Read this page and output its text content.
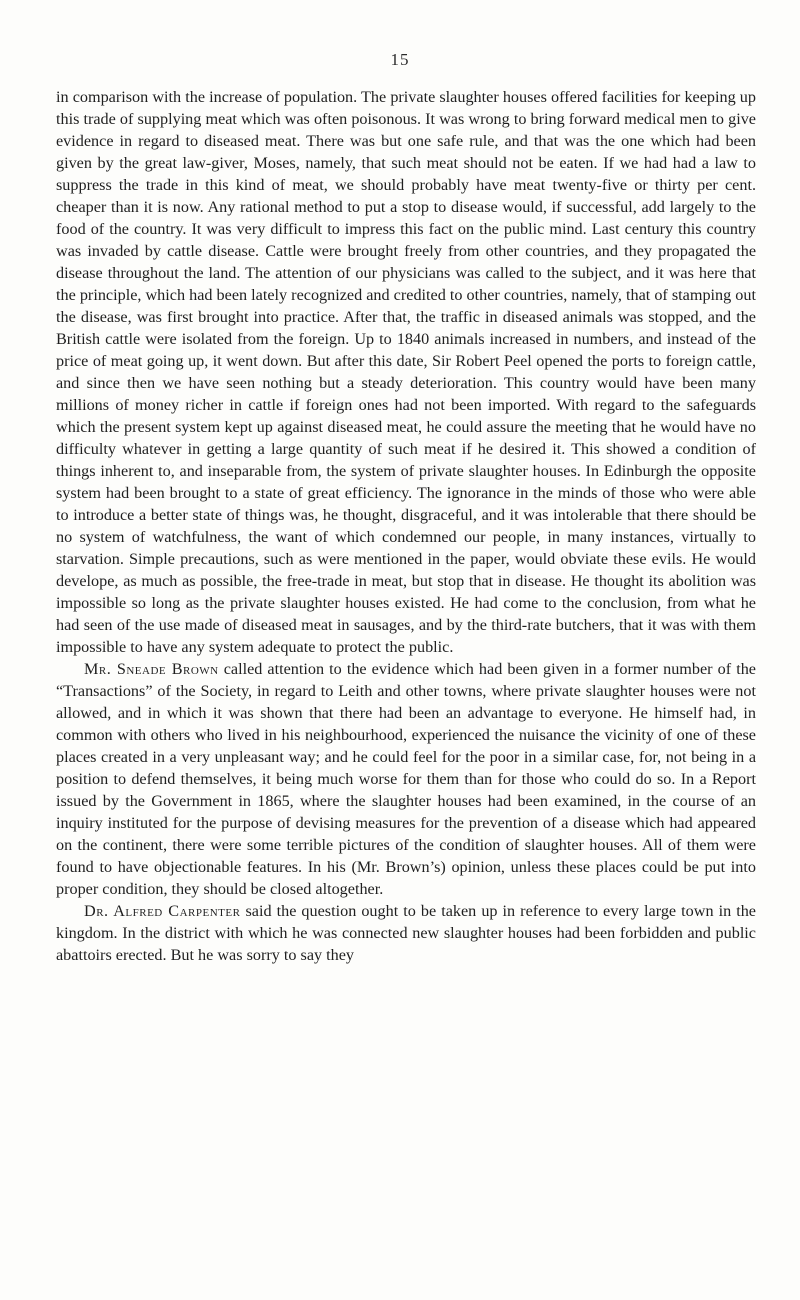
15

in comparison with the increase of population. The private slaughter houses offered facilities for keeping up this trade of supplying meat which was often poisonous. It was wrong to bring forward medical men to give evidence in regard to diseased meat. There was but one safe rule, and that was the one which had been given by the great law-giver, Moses, namely, that such meat should not be eaten. If we had had a law to suppress the trade in this kind of meat, we should probably have meat twenty-five or thirty per cent. cheaper than it is now. Any rational method to put a stop to disease would, if successful, add largely to the food of the country. It was very difficult to impress this fact on the public mind. Last century this country was invaded by cattle disease. Cattle were brought freely from other countries, and they propagated the disease throughout the land. The attention of our physicians was called to the subject, and it was here that the principle, which had been lately recognized and credited to other countries, namely, that of stamping out the disease, was first brought into practice. After that, the traffic in diseased animals was stopped, and the British cattle were isolated from the foreign. Up to 1840 animals increased in numbers, and instead of the price of meat going up, it went down. But after this date, Sir Robert Peel opened the ports to foreign cattle, and since then we have seen nothing but a steady deterioration. This country would have been many millions of money richer in cattle if foreign ones had not been imported. With regard to the safeguards which the present system kept up against diseased meat, he could assure the meeting that he would have no difficulty whatever in getting a large quantity of such meat if he desired it. This showed a condition of things inherent to, and inseparable from, the system of private slaughter houses. In Edinburgh the opposite system had been brought to a state of great efficiency. The ignorance in the minds of those who were able to introduce a better state of things was, he thought, disgraceful, and it was intolerable that there should be no system of watchfulness, the want of which condemned our people, in many instances, virtually to starvation. Simple precautions, such as were mentioned in the paper, would obviate these evils. He would develope, as much as possible, the free-trade in meat, but stop that in disease. He thought its abolition was impossible so long as the private slaughter houses existed. He had come to the conclusion, from what he had seen of the use made of diseased meat in sausages, and by the third-rate butchers, that it was with them impossible to have any system adequate to protect the public.

Mr. Sneade Brown called attention to the evidence which had been given in a former number of the “Transactions” of the Society, in regard to Leith and other towns, where private slaughter houses were not allowed, and in which it was shown that there had been an advantage to everyone. He himself had, in common with others who lived in his neighbourhood, experienced the nuisance the vicinity of one of these places created in a very unpleasant way; and he could feel for the poor in a similar case, for, not being in a position to defend themselves, it being much worse for them than for those who could do so. In a Report issued by the Government in 1865, where the slaughter houses had been examined, in the course of an inquiry instituted for the purpose of devising measures for the prevention of a disease which had appeared on the continent, there were some terrible pictures of the condition of slaughter houses. All of them were found to have objectionable features. In his (Mr. Brown’s) opinion, unless these places could be put into proper condition, they should be closed altogether.

Dr. Alfred Carpenter said the question ought to be taken up in reference to every large town in the kingdom. In the district with which he was connected new slaughter houses had been forbidden and public abattoirs erected. But he was sorry to say they
